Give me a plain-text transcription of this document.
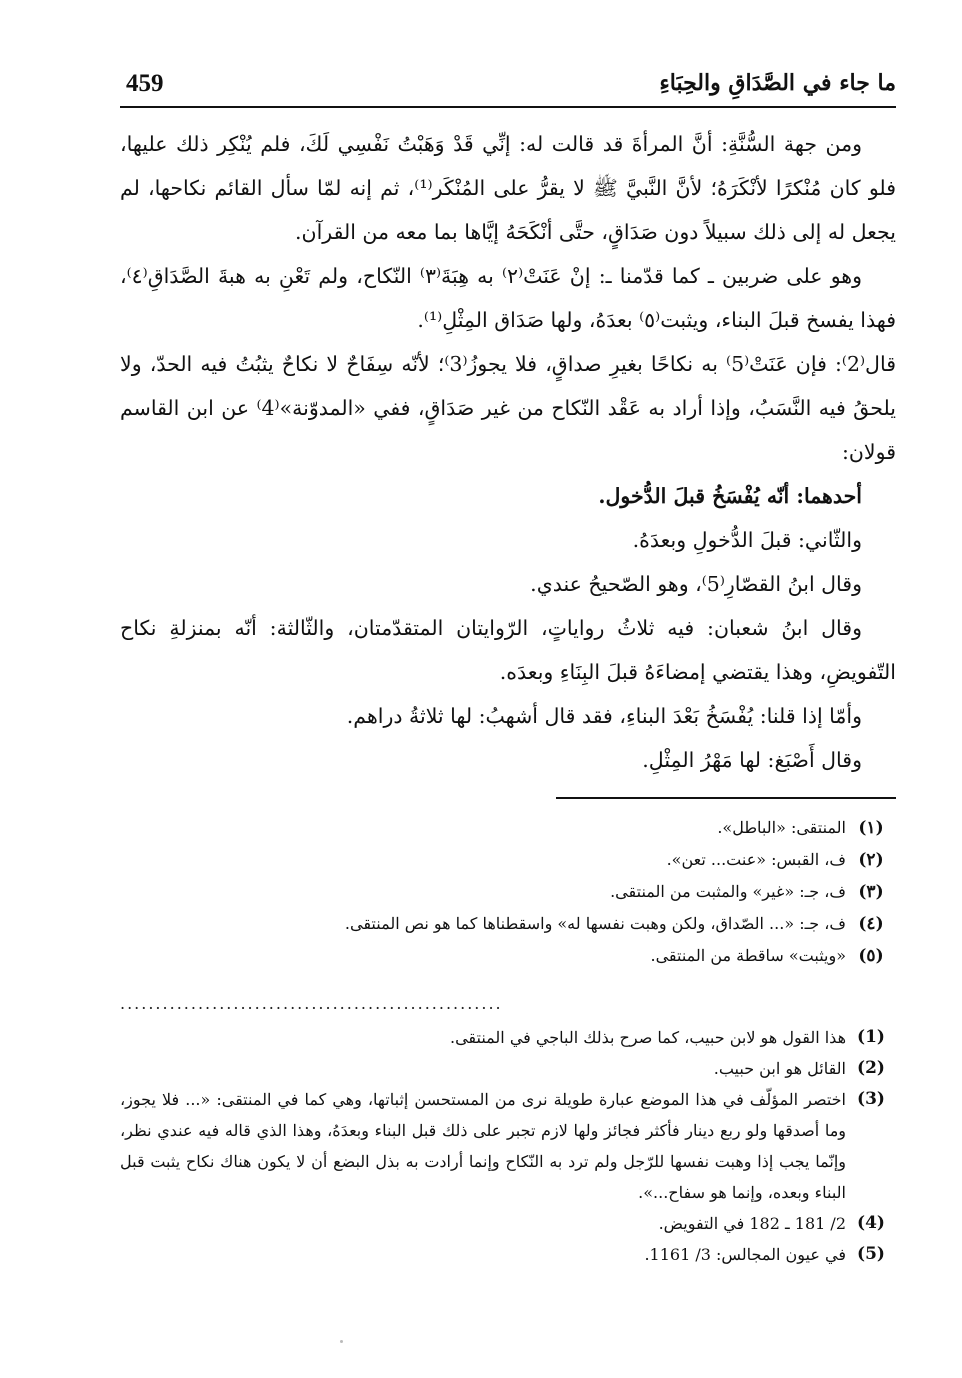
459	ما جاء في الصَّدَاقِ والحِبَاءِ

ومن جهة السُّنَّةِ: أنَّ المرأةَ قد قالت له: إنِّي قَدْ وَهَبْتُ نَفْسِي لَكَ، فلم يُنْكِر ذلك عليها، فلو كان مُنْكرًا لأنْكَرَهُ؛ لأنَّ النَّبيَّ ﷺ لا يقرُّ على المُنْكَر⁽¹⁾، ثم إنه لمّا سأل القائم نكاحها، لم يجعل له إلى ذلك سبيلاً دون صَدَاقٍ، حتَّى أنْكَحَهُ إيَّاها بما معه من القرآن.

وهو على ضربين ـ كما قدّمنا ـ: إنْ عَنَتْ⁽٢⁾ به هِبَةَ⁽٣⁾ النّكاح، ولم تَعْنِ به هبةَ الصَّدَاقِ⁽٤⁾، فهذا يفسخ قبلَ البناء، ويثبت⁽٥⁾ بعدَهُ، ولها صَدَاق المِثْلِ⁽¹⁾.

قال⁽2⁾: فإن عَنَتْ⁽5⁾ به نكاحًا بغيرِ صداقٍ، فلا يجوزُ⁽3⁾؛ لأنّه سِفَاحٌ لا نكاحٌ يثبُتُ فيه الحدّ، ولا يلحقُ فيه النَّسَبُ، وإذا أراد به عَقْد النّكاح من غير صَدَاقٍ، ففي «المدوّنة»⁽4⁾ عن ابن القاسم قولان:

أحدهما: أنّه يُفْسَخُ قبلَ الدُّخول.

والثّاني: قبلَ الدُّخولِ وبعدَهُ.

وقال ابنُ القصّارِ⁽5⁾، وهو الصّحيحُ عندي.

وقال ابنُ شعبان: فيه ثلاثُ رواياتٍ، الرّوايتان المتقدّمتان، والثّالثة: أنّه بمنزلةِ نكاح التّفويضِ، وهذا يقتضي إمضاءَهُ قبلَ البِنَاءِ وبعدَه.

وأمّا إذا قلنا: يُفْسَخُ بَعْدَ البناءِ، فقد قال أشهبُ: لها ثلاثةُ دراهم.

وقال أَصْبَغ: لها مَهْرُ المِثْلِ.

(١)
المنتقى: «الباطل».
(٢)
ف، القبس: «عنت... تعن».
(٣)
ف، جـ: «غير» والمثبت من المنتقى.
(٤)
ف، جـ: «... الصّداق، ولكن وهبت نفسها له» واسقطناها كما هو نص المنتقى.
(٥)
«ويثبت» ساقطة من المنتقى.
......................................................
(1)
هذا القول هو لابن حبيب، كما صرح بذلك الباجي في المنتقى.
(2)
القائل هو ابن حبيب.
(3)
اختصر المؤلّف في هذا الموضع عبارة طويلة نرى من المستحسن إثباتها، وهي كما في المنتقى: «... فلا يجوز، وما أصدقها ولو ربع دينار فأكثر فجائز ولها لازم تجبر على ذلك قبل البناء وبعدَهُ، وهذا الذي قاله فيه عندي نظر، وإنّما يجب إذا وهبت نفسها للرّجل ولم ترد به النّكاح وإنما أرادت به بذل البضع أن لا يكون هناك نكاح يثبت قبل البناء وبعده، وإنما هو سفاح...».
(4)
2/ 181 ـ 182 في التفويض.
(5)
في عيون المجالس: 3/ 1161.
